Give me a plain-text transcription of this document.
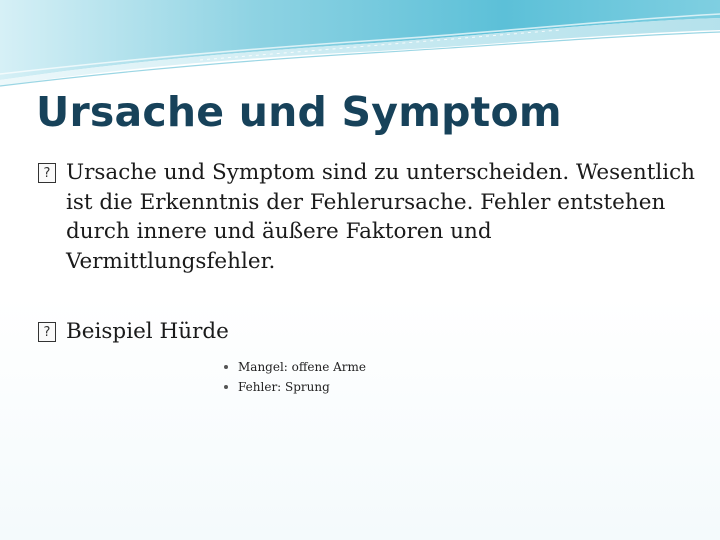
Ursache und Symptom
? Ursache und Symptom sind zu unterscheiden. Wesentlich ist die Erkenntnis der Fehlerursache. Fehler entstehen durch innere und äußere Faktoren und Vermittlungsfehler.
? Beispiel Hürde
Mangel: offene Arme
Fehler: Sprung
